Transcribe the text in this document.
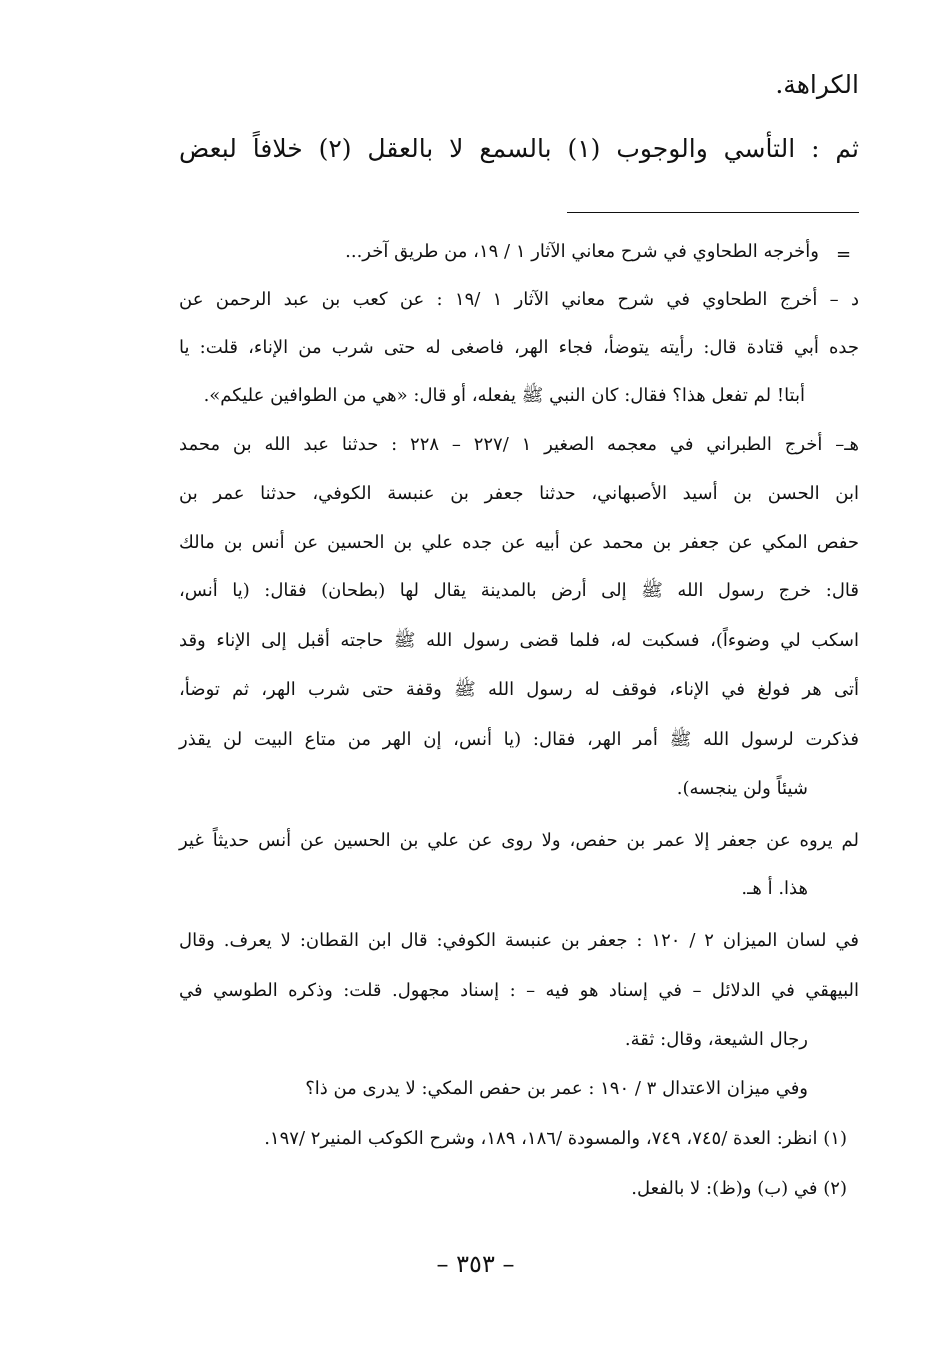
الكراهة.
ثم : التأسي والوجوب (١) بالسمع لا بالعقل (٢) خلافاً لبعض
=
وأخرجه الطحاوي في شرح معاني الآثار ١ / ١٩، من طريق آخر...
د – أخرج الطحاوي في شرح معاني الآثار ١ /١٩ : عن كعب بن عبد الرحمن عن
جده أبي قتادة قال: رأيته يتوضأ، فجاء الهر، فاصغى له حتى شرب من الإناء، قلت: يا
أبتا! لم تفعل هذا؟ فقال: كان النبي ﷺ يفعله، أو قال: «هي من الطوافين عليكم».
هـ– أخرج الطبراني في معجمه الصغير ١ /٢٢٧ – ٢٢٨ : حدثنا عبد الله بن محمد
ابن الحسن بن أسيد الأصبهاني، حدثنا جعفر بن عنبسة الكوفي، حدثنا عمر بن
حفص المكي عن جعفر بن محمد عن أبيه عن جده علي بن الحسين عن أنس بن مالك
قال: خرج رسول الله ﷺ إلى أرض بالمدينة يقال لها (بطحان) فقال: (يا أنس،
اسكب لي وضوءاً)، فسكبت له، فلما قضى رسول الله ﷺ حاجته أقبل إلى الإناء وقد
أتى هر فولغ في الإناء، فوقف له رسول الله ﷺ وقفة حتى شرب الهر، ثم توضأ،
فذكرت لرسول الله ﷺ أمر الهر، فقال: (يا أنس، إن الهر من متاع البيت لن يقذر
شيئاً ولن ينجسه).
لم يروه عن جعفر إلا عمر بن حفص، ولا روى عن علي بن الحسين عن أنس حديثاً غير
هذا. أ هـ.
في لسان الميزان ٢ / ١٢٠ : جعفر بن عنبسة الكوفي: قال ابن القطان: لا يعرف. وقال
البيهقي في الدلائل – في إسناد هو فيه – : إسناد مجهول. قلت: وذكره الطوسي في
رجال الشيعة، وقال: ثقة.
وفي ميزان الاعتدال ٣ / ١٩٠ : عمر بن حفص المكي: لا يدرى من ذا؟
(١) انظر: العدة /٧٤٥، ٧٤٩، والمسودة /١٨٦، ١٨٩، وشرح الكوكب المنير٢ /١٩٧.
(٢) في (ب) و(ظ): لا بالفعل.
– ٣٥٣ –
